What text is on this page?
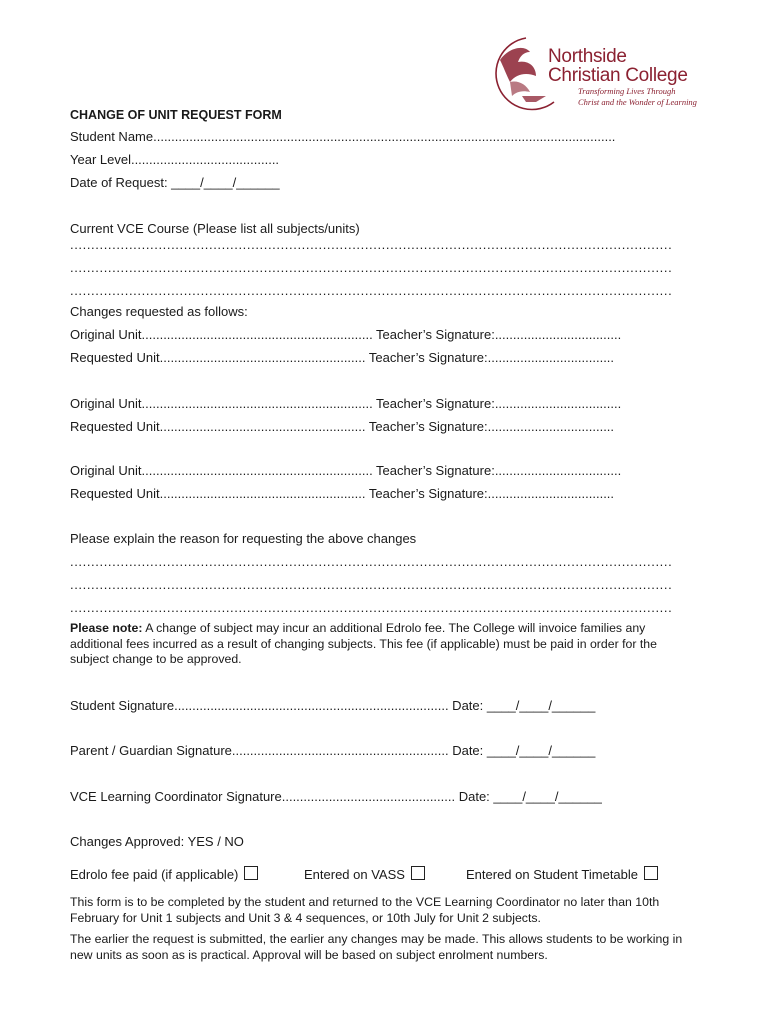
Northside
Christian College
Transforming Lives Through
Christ and the Wonder of Learning
CHANGE OF UNIT REQUEST FORM
Student Name................................................................................................................................
Year Level.........................................
Date of Request: ____/____/______
Current VCE Course (Please list all subjects/units)
...............................................................................................................................................
...............................................................................................................................................
...............................................................................................................................................
Changes requested as follows:
Original Unit................................................................ Teacher’s Signature:...................................
Requested Unit......................................................... Teacher’s Signature:...................................
Original Unit................................................................ Teacher’s Signature:...................................
Requested Unit......................................................... Teacher’s Signature:...................................
Original Unit................................................................ Teacher’s Signature:...................................
Requested Unit......................................................... Teacher’s Signature:...................................
Please explain the reason for requesting the above changes
...............................................................................................................................................
...............................................................................................................................................
...............................................................................................................................................
Please note: A change of subject may incur an additional Edrolo fee. The College will invoice families any additional fees incurred as a result of changing subjects. This fee (if applicable) must be paid in order for the subject change to be approved.
Student Signature............................................................................ Date: ____/____/______
Parent / Guardian Signature............................................................ Date: ____/____/______
VCE Learning Coordinator Signature................................................ Date: ____/____/______
Changes Approved: YES / NO
Edrolo fee paid (if applicable)	Entered on VASS	Entered on Student Timetable
This form is to be completed by the student and returned to the VCE Learning Coordinator no later than 10th February for Unit 1 subjects and Unit 3 & 4 sequences, or 10th July for Unit 2 subjects.
The earlier the request is submitted, the earlier any changes may be made. This allows students to be working in new units as soon as is practical. Approval will be based on subject enrolment numbers.
